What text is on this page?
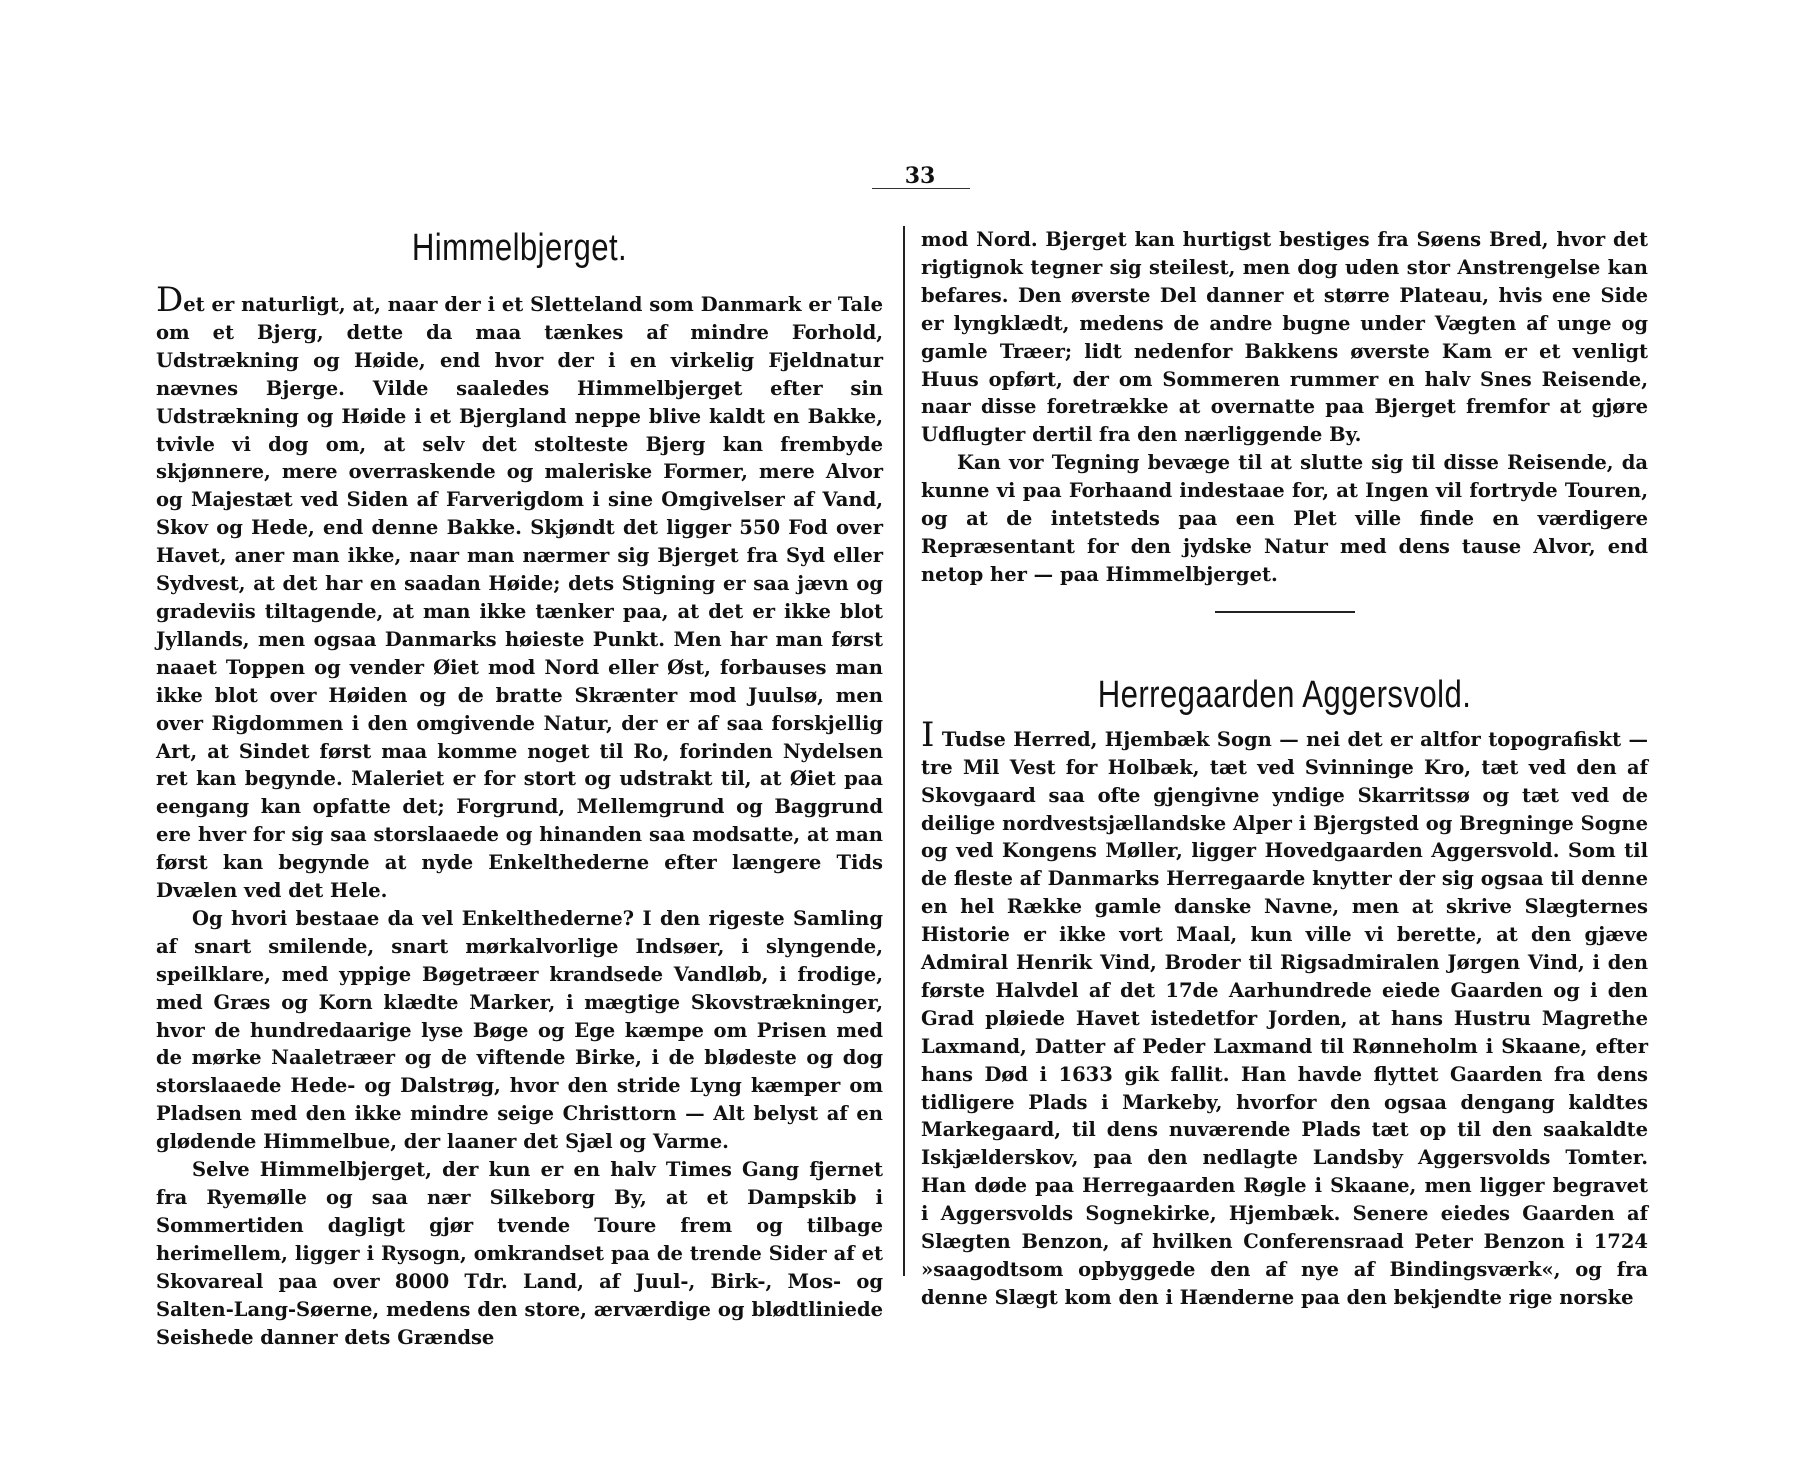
33
Himmelbjerget.

Det er naturligt, at, naar der i et Sletteland som Danmark er Tale om et Bjerg, dette da maa tænkes af mindre Forhold, Udstrækning og Høide, end hvor der i en virkelig Fjeldnatur nævnes Bjerge. Vilde saaledes Himmelbjerget efter sin Udstrækning og Høide i et Bjergland neppe blive kaldt en Bakke, tvivle vi dog om, at selv det stolteste Bjerg kan frembyde skjønnere, mere overraskende og maleriske Former, mere Alvor og Majestæt ved Siden af Farverigdom i sine Omgivelser af Vand, Skov og Hede, end denne Bakke. Skjøndt det ligger 550 Fod over Havet, aner man ikke, naar man nærmer sig Bjerget fra Syd eller Sydvest, at det har en saadan Høide; dets Stigning er saa jævn og gradeviis tiltagende, at man ikke tænker paa, at det er ikke blot Jyllands, men ogsaa Danmarks høieste Punkt. Men har man først naaet Toppen og vender Øiet mod Nord eller Øst, forbauses man ikke blot over Høiden og de bratte Skrænter mod Juulsø, men over Rigdommen i den omgivende Natur, der er af saa forskjellig Art, at Sindet først maa komme noget til Ro, forinden Nydelsen ret kan begynde. Maleriet er for stort og udstrakt til, at Øiet paa eengang kan opfatte det; Forgrund, Mellemgrund og Baggrund ere hver for sig saa storslaaede og hinanden saa modsatte, at man først kan begynde at nyde Enkelthederne efter længere Tids Dvælen ved det Hele.

Og hvori bestaae da vel Enkelthederne? I den rigeste Samling af snart smilende, snart mørkalvorlige Indsøer, i slyngende, speilklare, med yppige Bøgetræer krandsede Vandløb, i frodige, med Græs og Korn klædte Marker, i mægtige Skovstrækninger, hvor de hundredaarige lyse Bøge og Ege kæmpe om Prisen med de mørke Naaletræer og de viftende Birke, i de blødeste og dog storslaaede Hede- og Dalstrøg, hvor den stride Lyng kæmper om Pladsen med den ikke mindre seige Christtorn — Alt belyst af en glødende Himmelbue, der laaner det Sjæl og Varme.

Selve Himmelbjerget, der kun er en halv Times Gang fjernet fra Ryemølle og saa nær Silkeborg By, at et Dampskib i Sommertiden dagligt gjør tvende Toure frem og tilbage herimellem, ligger i Rysogn, omkrandset paa de trende Sider af et Skovareal paa over 8000 Tdr. Land, af Juul-, Birk-, Mos- og Salten-Lang-Søerne, medens den store, ærværdige og blødtliniede Seishede danner dets Grændse

mod Nord. Bjerget kan hurtigst bestiges fra Søens Bred, hvor det rigtignok tegner sig steilest, men dog uden stor Anstrengelse kan befares. Den øverste Del danner et større Plateau, hvis ene Side er lyngklædt, medens de andre bugne under Vægten af unge og gamle Træer; lidt nedenfor Bakkens øverste Kam er et venligt Huus opført, der om Sommeren rummer en halv Snes Reisende, naar disse foretrække at overnatte paa Bjerget fremfor at gjøre Udflugter dertil fra den nærliggende By.

Kan vor Tegning bevæge til at slutte sig til disse Reisende, da kunne vi paa Forhaand indestaae for, at Ingen vil fortryde Touren, og at de intetsteds paa een Plet ville finde en værdigere Repræsentant for den jydske Natur med dens tause Alvor, end netop her — paa Himmelbjerget.

Herregaarden Aggersvold.

I Tudse Herred, Hjembæk Sogn — nei det er altfor topografiskt — tre Mil Vest for Holbæk, tæt ved Svinninge Kro, tæt ved den af Skovgaard saa ofte gjengivne yndige Skarritssø og tæt ved de deilige nordvestsjællandske Alper i Bjergsted og Bregninge Sogne og ved Kongens Møller, ligger Hovedgaarden Aggersvold. Som til de fleste af Danmarks Herregaarde knytter der sig ogsaa til denne en hel Række gamle danske Navne, men at skrive Slægternes Historie er ikke vort Maal, kun ville vi berette, at den gjæve Admiral Henrik Vind, Broder til Rigsadmiralen Jørgen Vind, i den første Halvdel af det 17de Aarhundrede eiede Gaarden og i den Grad pløiede Havet istedetfor Jorden, at hans Hustru Magrethe Laxmand, Datter af Peder Laxmand til Rønneholm i Skaane, efter hans Død i 1633 gik fallit. Han havde flyttet Gaarden fra dens tidligere Plads i Markeby, hvorfor den ogsaa dengang kaldtes Markegaard, til dens nuværende Plads tæt op til den saakaldte Iskjælderskov, paa den nedlagte Landsby Aggersvolds Tomter. Han døde paa Herregaarden Røgle i Skaane, men ligger begravet i Aggersvolds Sognekirke, Hjembæk. Senere eiedes Gaarden af Slægten Benzon, af hvilken Conferensraad Peter Benzon i 1724 »saagodtsom opbyggede den af nye af Bindingsværk«, og fra denne Slægt kom den i Hænderne paa den bekjendte rige norske
